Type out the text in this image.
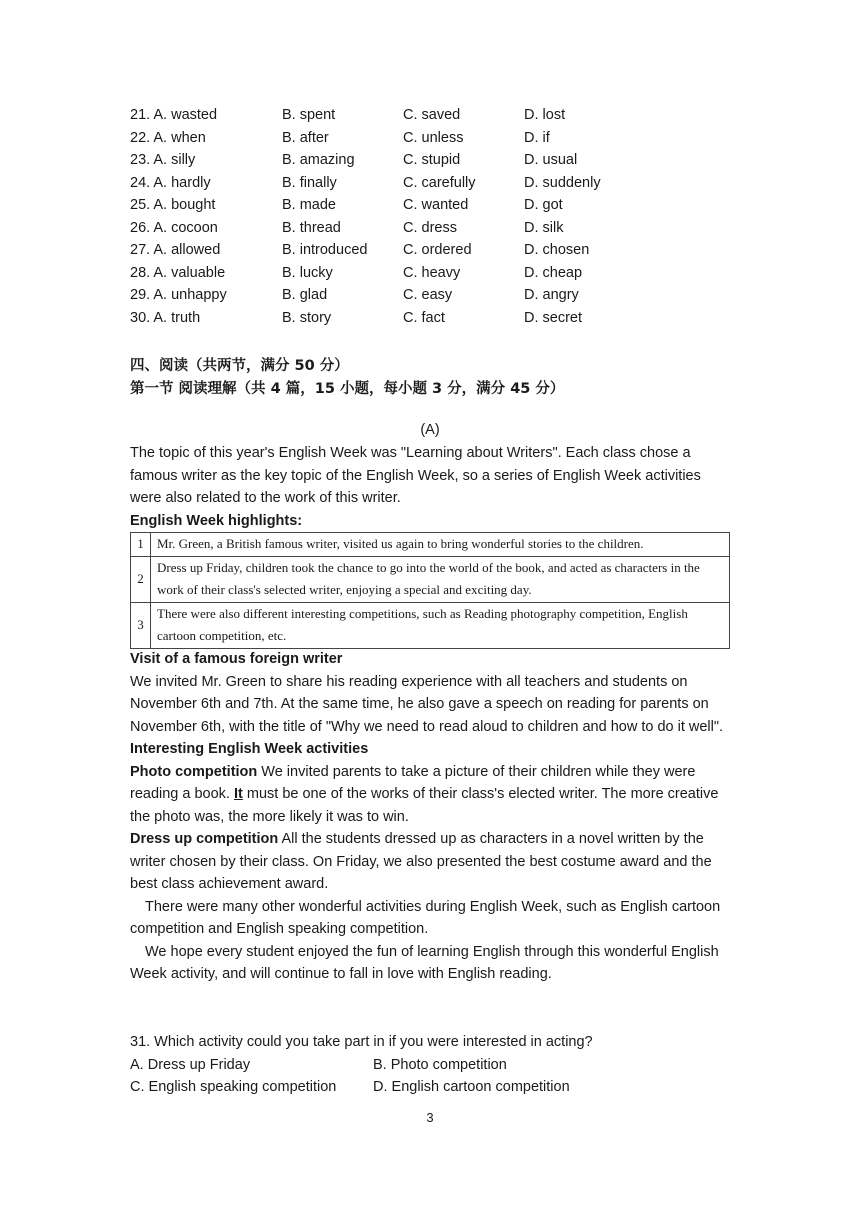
21. A. wasted	B. spent	C. saved	D. lost
22. A. when	B. after	C. unless	D. if
23. A. silly	B. amazing	C. stupid	D. usual
24. A. hardly	B. finally	C. carefully	D. suddenly
25. A. bought	B. made	C. wanted	D. got
26. A. cocoon	B. thread	C. dress	D. silk
27. A. allowed	B. introduced	C. ordered	D. chosen
28. A. valuable	B. lucky	C. heavy	D. cheap
29. A. unhappy	B. glad	C. easy	D. angry
30. A. truth	B. story	C. fact	D. secret
四、阅读（共两节，满分 50 分）
第一节 阅读理解（共 4 篇，15 小题，每小题 3 分，满分 45 分）
(A)
The topic of this year's English Week was "Learning about Writers". Each class chose a famous writer as the key topic of the English Week, so a series of English Week activities were also related to the work of this writer.
English Week highlights:
1	Mr. Green, a British famous writer, visited us again to bring wonderful stories to the children.
2	Dress up Friday, children took the chance to go into the world of the book, and acted as characters in the work of their class's selected writer, enjoying a special and exciting day.
3	There were also different interesting competitions, such as Reading photography competition, English cartoon competition, etc.

Visit of a famous foreign writer

We invited Mr. Green to share his reading experience with all teachers and students on November 6th and 7th. At the same time, he also gave a speech on reading for parents on November 6th, with the title of "Why we need to read aloud to children and how to do it well".

Interesting English Week activities

Photo competition We invited parents to take a picture of their children while they were reading a book. It must be one of the works of their class's elected writer. The more creative the photo was, the more likely it was to win.

Dress up competition All the students dressed up as characters in a novel written by the writer chosen by their class. On Friday, we also presented the best costume award and the best class achievement award.

There were many other wonderful activities during English Week, such as English cartoon competition and English speaking competition.

We hope every student enjoyed the fun of learning English through this wonderful English Week activity, and will continue to fall in love with English reading.

31. Which activity could you take part in if you were interested in acting?

A. Dress up Friday	B. Photo competition
C. English speaking competition	D. English cartoon competition
3
